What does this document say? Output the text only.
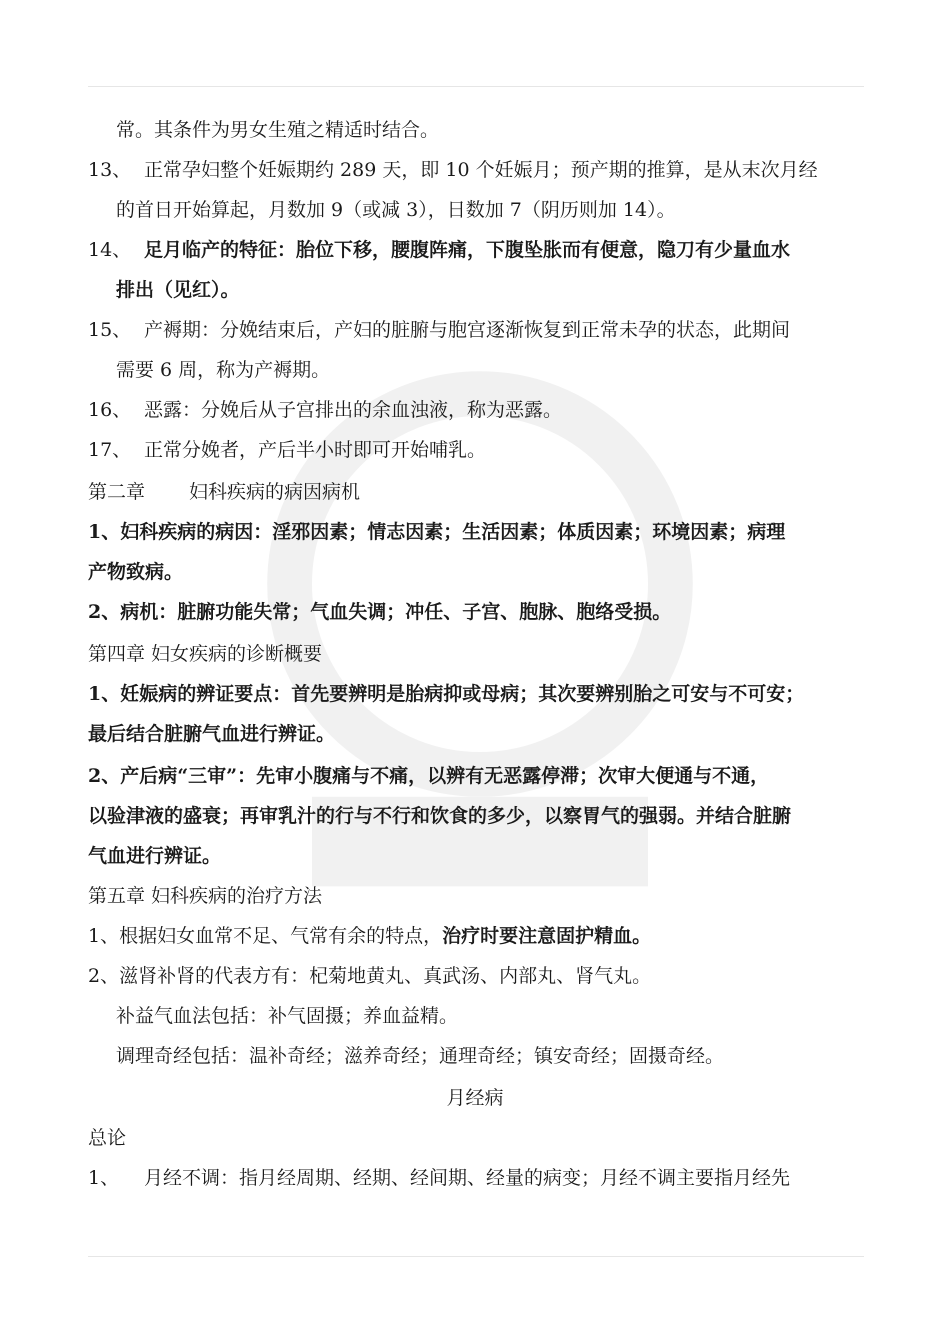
常。其条件为男女生殖之精适时结合。
13、 正常孕妇整个妊娠期约 289 天，即 10 个妊娠月；预产期的推算，是从末次月经
的首日开始算起，月数加 9（或减 3），日数加 7（阴历则加 14）。
14、 足月临产的特征：胎位下移，腰腹阵痛，下腹坠胀而有便意，隐刀有少量血水
排出（见红）。
15、 产褥期：分娩结束后，产妇的脏腑与胞宫逐渐恢复到正常未孕的状态，此期间
需要 6 周，称为产褥期。
16、 恶露：分娩后从子宫排出的余血浊液，称为恶露。
17、 正常分娩者，产后半小时即可开始哺乳。
第二章 妇科疾病的病因病机
1、妇科疾病的病因：淫邪因素；情志因素；生活因素；体质因素；环境因素；病理
产物致病。
2、病机：脏腑功能失常；气血失调；冲任、子宫、胞脉、胞络受损。
第四章 妇女疾病的诊断概要
1、妊娠病的辨证要点：首先要辨明是胎病抑或母病；其次要辨别胎之可安与不可安；
最后结合脏腑气血进行辨证。
2、产后病“三审”：先审小腹痛与不痛，以辨有无恶露停滞；次审大便通与不通，
以验津液的盛衰；再审乳汁的行与不行和饮食的多少，以察胃气的强弱。并结合脏腑
气血进行辨证。
第五章 妇科疾病的治疗方法
1、根据妇女血常不足、气常有余的特点，治疗时要注意固护精血。
2、滋肾补肾的代表方有：杞菊地黄丸、真武汤、内部丸、肾气丸。
补益气血法包括：补气固摄；养血益精。
调理奇经包括：温补奇经；滋养奇经；通理奇经；镇安奇经；固摄奇经。
月经病
总论
1、 月经不调：指月经周期、经期、经间期、经量的病变；月经不调主要指月经先
